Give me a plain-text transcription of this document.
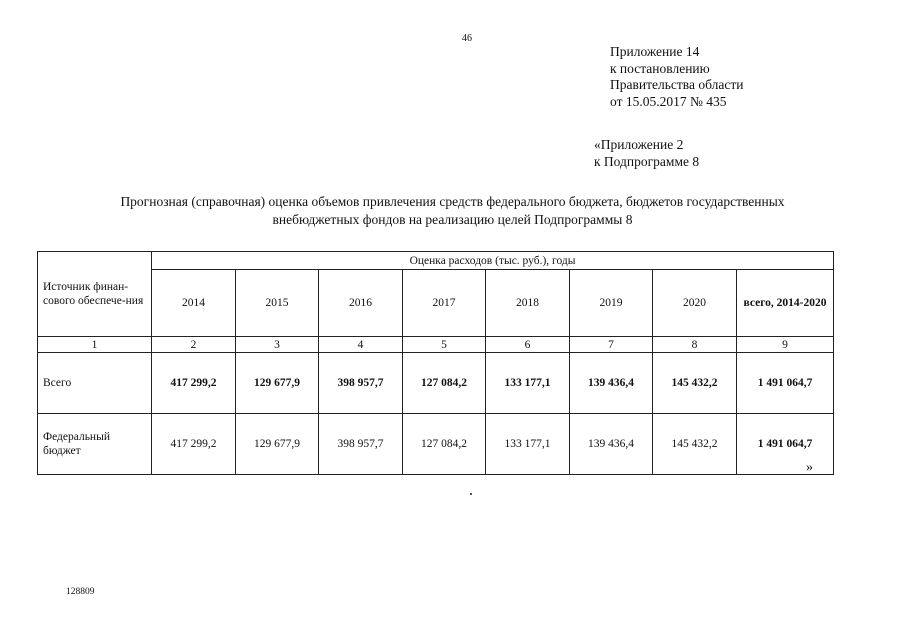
46
Приложение 14
к постановлению
Правительства области
от 15.05.2017 № 435
«Приложение 2
к Подпрограмме 8
Прогнозная (справочная) оценка объемов привлечения средств федерального бюджета, бюджетов государственных
внебюджетных фондов на реализацию целей Подпрограммы 8
Источник финан-сового обеспече-ния	Оценка расходов (тыс. руб.), годы							
	2014	2015	2016	2017	2018	2019	2020	всего, 2014-2020
1	2	3	4	5	6	7	8	9
Всего	417 299,2	129 677,9	398 957,7	127 084,2	133 177,1	139 436,4	145 432,2	1 491 064,7
Федеральный бюджет	417 299,2	129 677,9	398 957,7	127 084,2	133 177,1	139 436,4	145 432,2	1 491 064,7
»
128809
